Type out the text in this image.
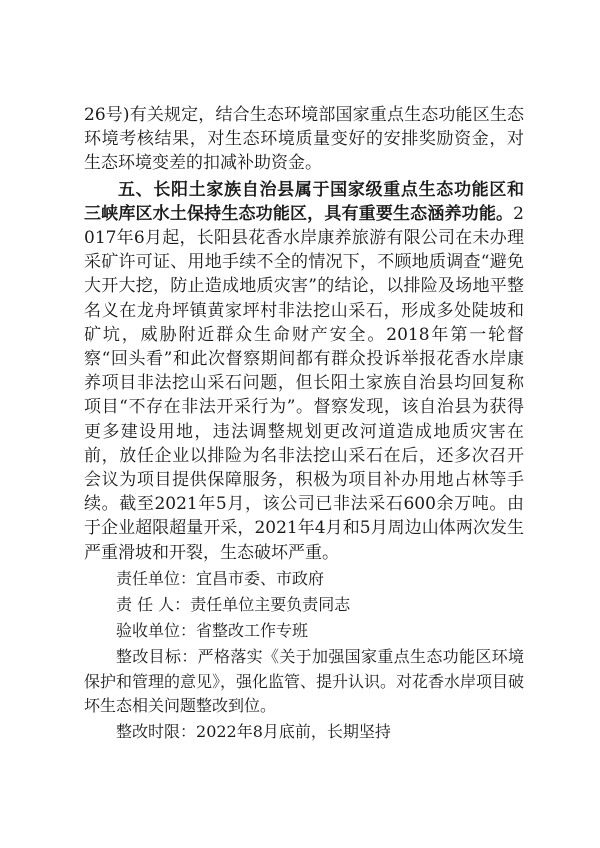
26号)有关规定，结合生态环境部国家重点生态功能区生态环境考核结果，对生态环境质量变好的安排奖励资金，对生态环境变差的扣减补助资金。

五、长阳土家族自治县属于国家级重点生态功能区和三峡库区水土保持生态功能区，具有重要生态涵养功能。2017年6月起，长阳县花香水岸康养旅游有限公司在未办理采矿许可证、用地手续不全的情况下，不顾地质调查“避免大开大挖，防止造成地质灾害”的结论，以排险及场地平整名义在龙舟坪镇黄家坪村非法挖山采石，形成多处陡坡和矿坑，威胁附近群众生命财产安全。2018年第一轮督察“回头看”和此次督察期间都有群众投诉举报花香水岸康养项目非法挖山采石问题，但长阳土家族自治县均回复称项目“不存在非法开采行为”。督察发现，该自治县为获得更多建设用地，违法调整规划更改河道造成地质灾害在前，放任企业以排险为名非法挖山采石在后，还多次召开会议为项目提供保障服务，积极为项目补办用地占林等手续。截至2021年5月，该公司已非法采石600余万吨。由于企业超限超量开采，2021年4月和5月周边山体两次发生严重滑坡和开裂，生态破坏严重。

责任单位：宜昌市委、市政府

责 任 人：责任单位主要负责同志

验收单位：省整改工作专班

整改目标：严格落实《关于加强国家重点生态功能区环境保护和管理的意见》，强化监管、提升认识。对花香水岸项目破坏生态相关问题整改到位。

整改时限：2022年8月底前，长期坚持
